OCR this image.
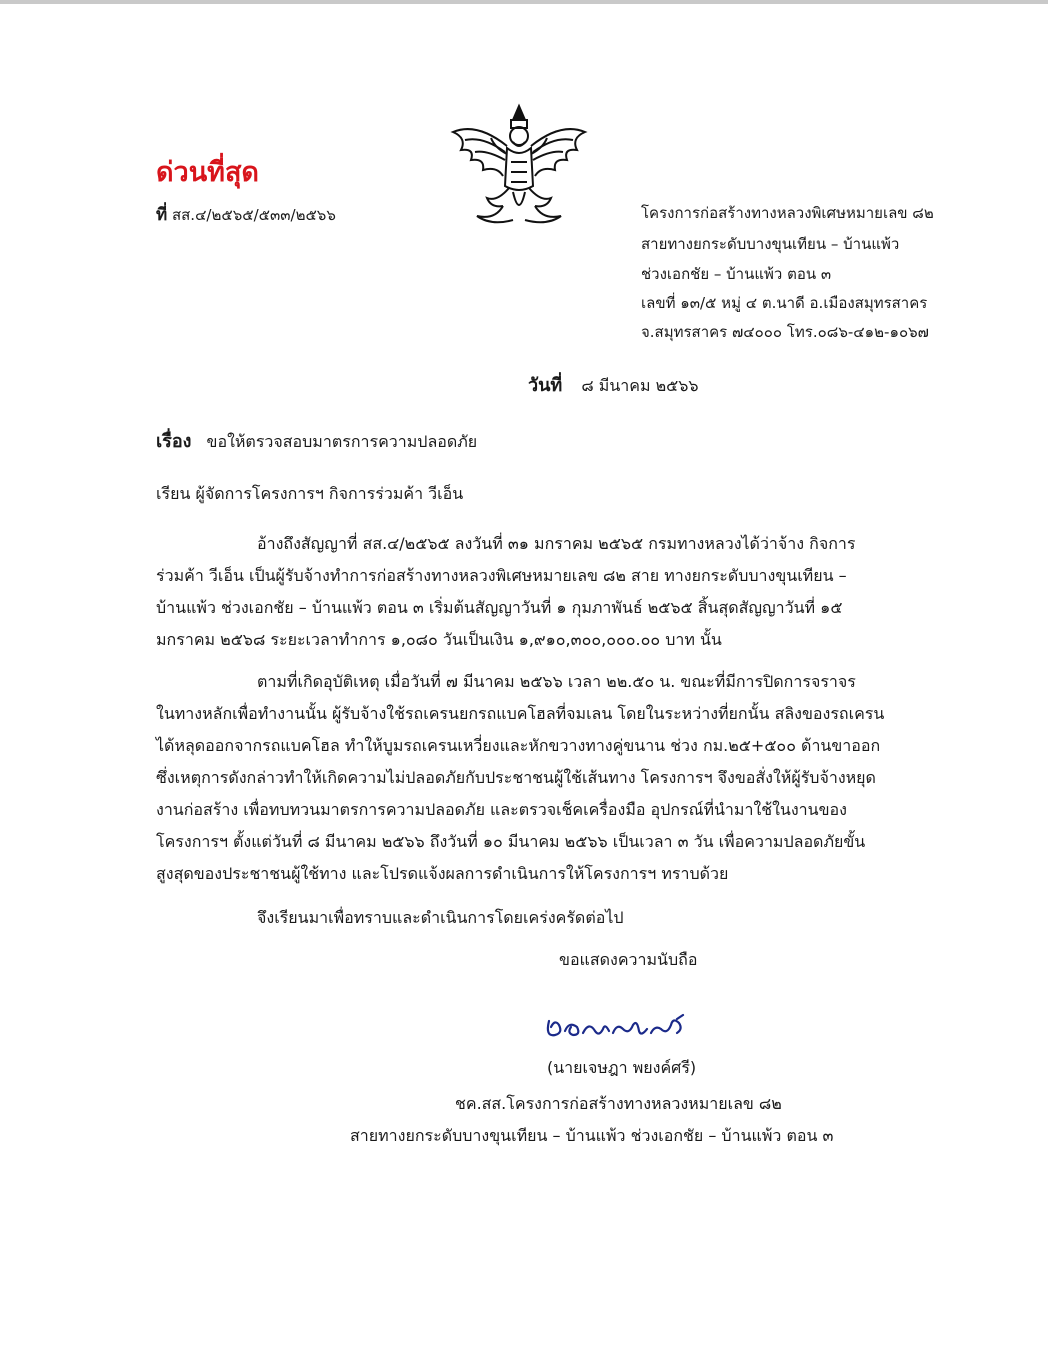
ด่วนที่สุด
ที่ สส.๔/๒๕๖๕/๕๓๓/๒๕๖๖	โครงการก่อสร้างทางหลวงพิเศษหมายเลข ๘๒
สายทางยกระดับบางขุนเทียน – บ้านแพ้ว
ช่วงเอกชัย – บ้านแพ้ว ตอน ๓
เลขที่ ๑๓/๕ หมู่ ๔ ต.นาดี อ.เมืองสมุทรสาคร
จ.สมุทรสาคร ๗๔๐๐๐ โทร.๐๘๖-๔๑๒-๑๐๖๗
วันที่ ๘ มีนาคม ๒๕๖๖
เรื่อง ขอให้ตรวจสอบมาตรการความปลอดภัย
เรียน ผู้จัดการโครงการฯ กิจการร่วมค้า วีเอ็น
อ้างถึงสัญญาที่ สส.๔/๒๕๖๕ ลงวันที่ ๓๑ มกราคม ๒๕๖๕ กรมทางหลวงได้ว่าจ้าง กิจการ
ร่วมค้า วีเอ็น เป็นผู้รับจ้างทำการก่อสร้างทางหลวงพิเศษหมายเลข ๘๒ สาย ทางยกระดับบางขุนเทียน –
บ้านแพ้ว ช่วงเอกชัย – บ้านแพ้ว ตอน ๓ เริ่มต้นสัญญาวันที่ ๑ กุมภาพันธ์ ๒๕๖๕ สิ้นสุดสัญญาวันที่ ๑๕
มกราคม ๒๕๖๘ ระยะเวลาทำการ ๑,๐๘๐ วันเป็นเงิน ๑,๙๑๐,๓๐๐,๐๐๐.๐๐ บาท นั้น
ตามที่เกิดอุบัติเหตุ เมื่อวันที่ ๗ มีนาคม ๒๕๖๖ เวลา ๒๒.๕๐ น. ขณะที่มีการปิดการจราจร
ในทางหลักเพื่อทำงานนั้น ผู้รับจ้างใช้รถเครนยกรถแบคโฮลที่จมเลน โดยในระหว่างที่ยกนั้น สลิงของรถเครน
ได้หลุดออกจากรถแบคโฮล ทำให้บูมรถเครนเหวี่ยงและหักขวางทางคู่ขนาน ช่วง กม.๒๕+๕๐๐ ด้านขาออก
ซึ่งเหตุการดังกล่าวทำให้เกิดความไม่ปลอดภัยกับประชาชนผู้ใช้เส้นทาง โครงการฯ จึงขอสั่งให้ผู้รับจ้างหยุด
งานก่อสร้าง เพื่อทบทวนมาตรการความปลอดภัย และตรวจเช็คเครื่องมือ อุปกรณ์ที่นำมาใช้ในงานของ
โครงการฯ ตั้งแต่วันที่ ๘ มีนาคม ๒๕๖๖ ถึงวันที่ ๑๐ มีนาคม ๒๕๖๖ เป็นเวลา ๓ วัน เพื่อความปลอดภัยขั้น
สูงสุดของประชาชนผู้ใช้ทาง และโปรดแจ้งผลการดำเนินการให้โครงการฯ ทราบด้วย
จึงเรียนมาเพื่อทราบและดำเนินการโดยเคร่งครัดต่อไป
ขอแสดงความนับถือ
(นายเจษฎา พยงค์ศรี)
ชค.สส.โครงการก่อสร้างทางหลวงหมายเลข ๘๒
สายทางยกระดับบางขุนเทียน – บ้านแพ้ว ช่วงเอกชัย – บ้านแพ้ว ตอน ๓
